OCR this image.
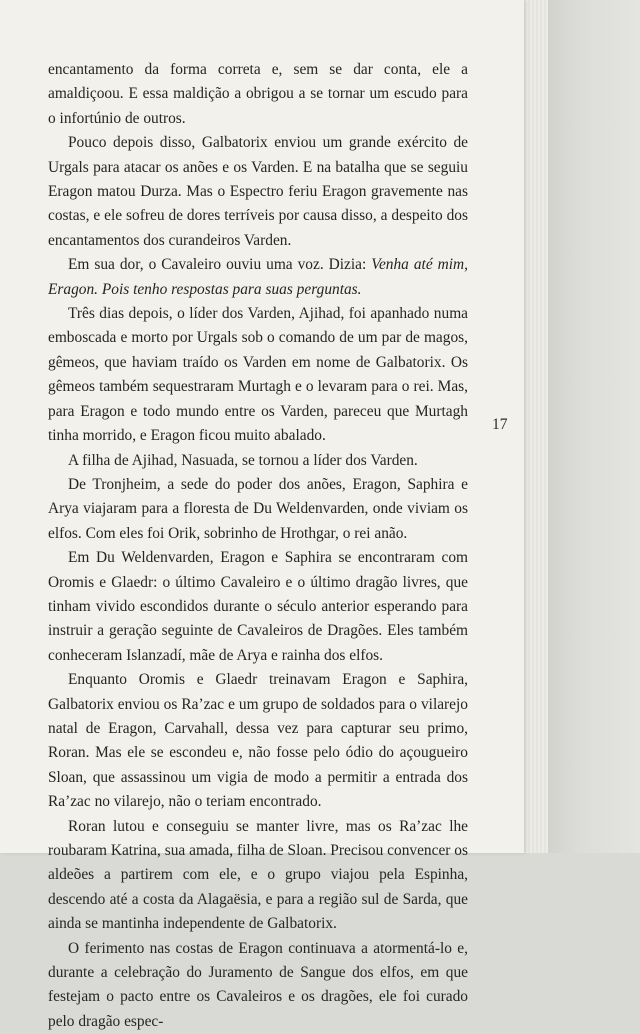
encantamento da forma correta e, sem se dar conta, ele a amaldiçoou. E essa maldição a obrigou a se tornar um escudo para o infortúnio de outros.

Pouco depois disso, Galbatorix enviou um grande exército de Urgals para atacar os anões e os Varden. E na batalha que se seguiu Eragon matou Durza. Mas o Espectro feriu Eragon gravemente nas costas, e ele sofreu de dores terríveis por causa disso, a despeito dos encantamentos dos curandeiros Varden.

Em sua dor, o Cavaleiro ouviu uma voz. Dizia: Venha até mim, Eragon. Pois tenho respostas para suas perguntas.

Três dias depois, o líder dos Varden, Ajihad, foi apanhado numa emboscada e morto por Urgals sob o comando de um par de magos, gêmeos, que haviam traído os Varden em nome de Galbatorix. Os gêmeos também sequestraram Murtagh e o levaram para o rei. Mas, para Eragon e todo mundo entre os Varden, pareceu que Murtagh tinha morrido, e Eragon ficou muito abalado.

A filha de Ajihad, Nasuada, se tornou a líder dos Varden.

De Tronjheim, a sede do poder dos anões, Eragon, Saphira e Arya viajaram para a floresta de Du Weldenvarden, onde viviam os elfos. Com eles foi Orik, sobrinho de Hrothgar, o rei anão.

Em Du Weldenvarden, Eragon e Saphira se encontraram com Oromis e Glaedr: o último Cavaleiro e o último dragão livres, que tinham vivido escondidos durante o século anterior esperando para instruir a geração seguinte de Cavaleiros de Dragões. Eles também conheceram Islanzadí, mãe de Arya e rainha dos elfos.

Enquanto Oromis e Glaedr treinavam Eragon e Saphira, Galbatorix enviou os Ra’zac e um grupo de soldados para o vilarejo natal de Eragon, Carvahall, dessa vez para capturar seu primo, Roran. Mas ele se escondeu e, não fosse pelo ódio do açougueiro Sloan, que assassinou um vigia de modo a permitir a entrada dos Ra’zac no vilarejo, não o teriam encontrado.

Roran lutou e conseguiu se manter livre, mas os Ra’zac lhe roubaram Katrina, sua amada, filha de Sloan. Precisou convencer os aldeões a partirem com ele, e o grupo viajou pela Espinha, descendo até a costa da Alagaësia, e para a região sul de Sarda, que ainda se mantinha independente de Galbatorix.

O ferimento nas costas de Eragon continuava a atormentá-lo e, durante a celebração do Juramento de Sangue dos elfos, em que festejam o pacto entre os Cavaleiros e os dragões, ele foi curado pelo dragão espec-

17
